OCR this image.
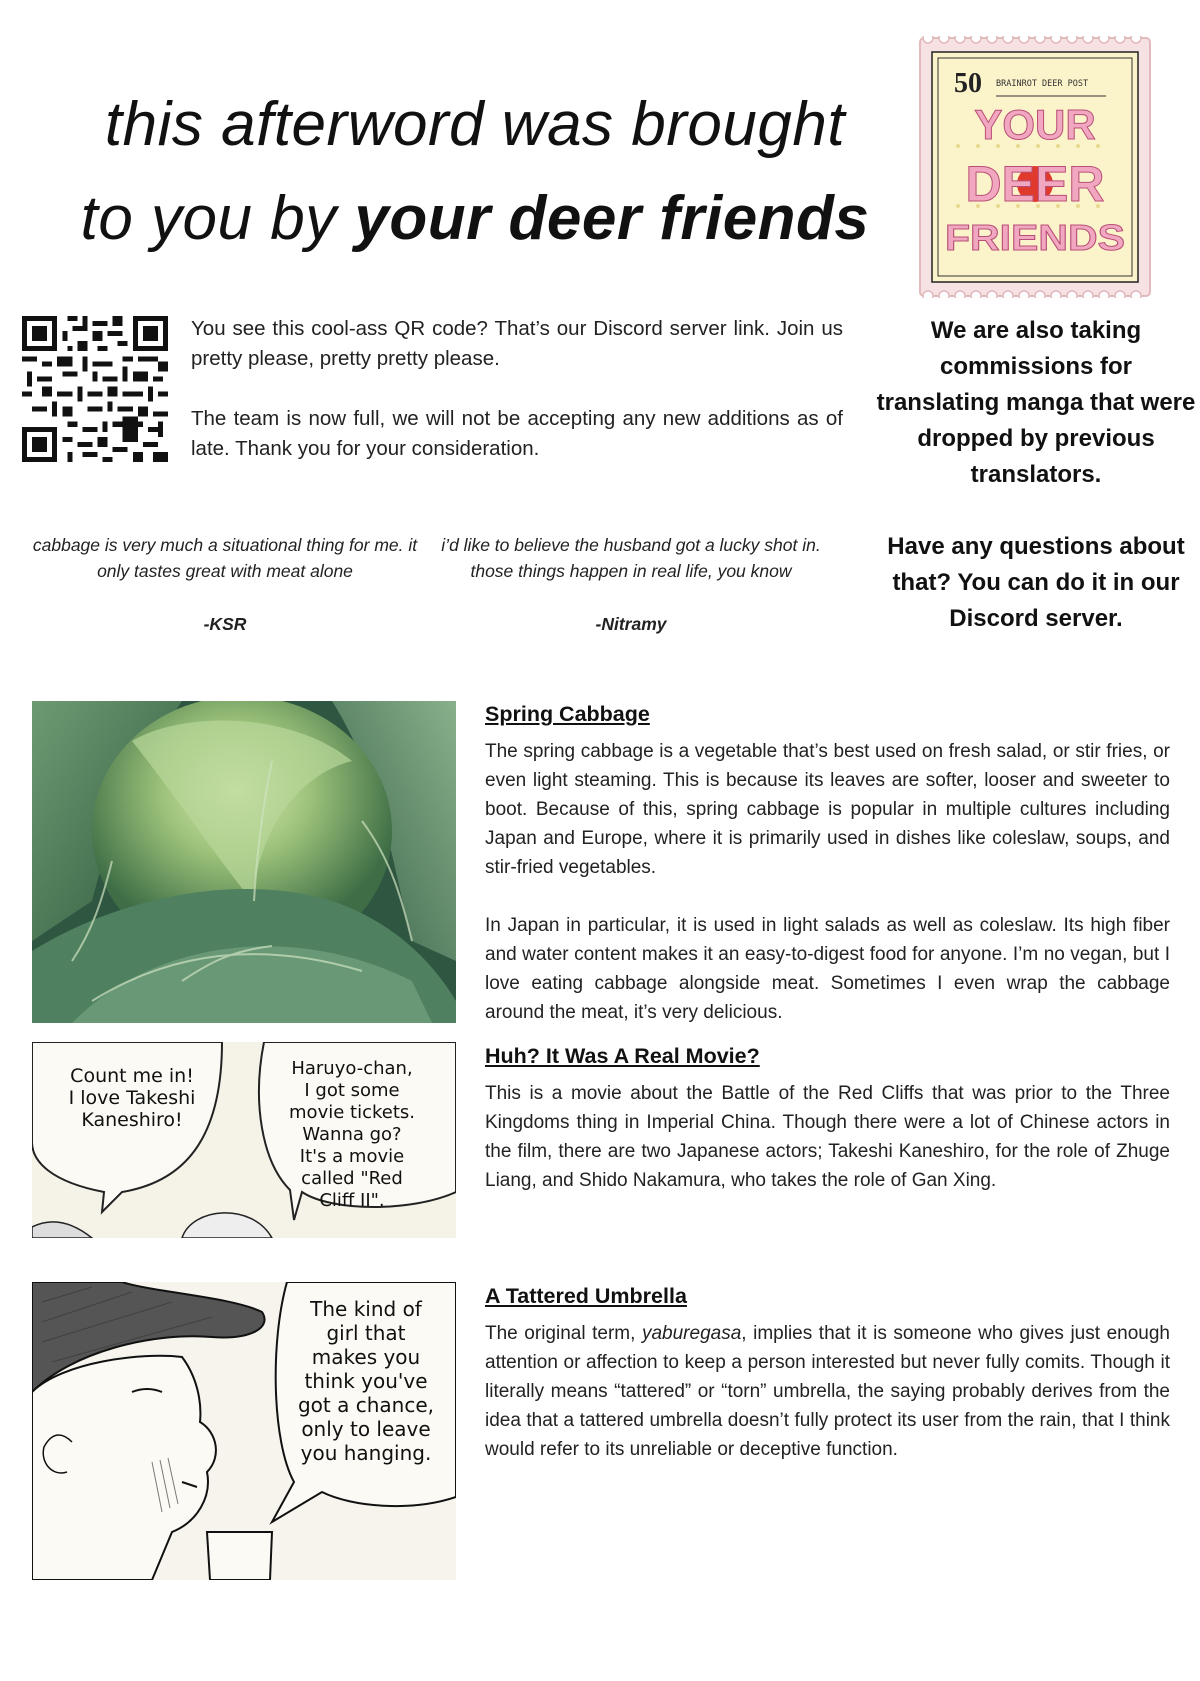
this afterword was brought
to you by your deer friends
50 BRAINROT DEER POST
YOUR
DEER
FRIENDS

You see this cool-ass QR code? That’s our Discord server link. Join us pretty please, pretty pretty please.

The team is now full, we will not be accepting any new additions as of late. Thank you for your consideration.

We are also taking commissions for translating manga that were dropped by previous translators.

Have any questions about that? You can do it in our Discord server.

cabbage is very much a situational thing for me. it only tastes great with meat alone
-KSR
i’d like to believe the husband got a lucky shot in. those things happen in real life, you know
-Nitramy
Count me in!
I love Takeshi
Kaneshiro!
Haruyo-chan,
I got some
movie tickets.
Wanna go?
It's a movie
called "Red
Cliff II".
The kind of
girl that
makes you
think you've
got a chance,
only to leave
you hanging.
Spring Cabbage

The spring cabbage is a vegetable that’s best used on fresh salad, or stir fries, or even light steaming. This is because its leaves are softer, looser and sweeter to boot. Because of this, spring cabbage is popular in multiple cultures including Japan and Europe, where it is primarily used in dishes like coleslaw, soups, and stir-fried vegetables.

In Japan in particular, it is used in light salads as well as coleslaw. Its high fiber and water content makes it an easy-to-digest food for anyone. I’m no vegan, but I love eating cabbage alongside meat. Sometimes I even wrap the cabbage around the meat, it’s very delicious.

Huh? It Was A Real Movie?

This is a movie about the Battle of the Red Cliffs that was prior to the Three Kingdoms thing in Imperial China. Though there were a lot of Chinese actors in the film, there are two Japanese actors; Takeshi Kaneshiro, for the role of Zhuge Liang, and Shido Nakamura, who takes the role of Gan Xing.

A Tattered Umbrella

The original term, yaburegasa, implies that it is someone who gives just enough attention or affection to keep a person interested but never fully comits. Though it literally means “tattered” or “torn” umbrella, the saying probably derives from the idea that a tattered umbrella doesn’t fully protect its user from the rain, that I think would refer to its unreliable or deceptive function.
